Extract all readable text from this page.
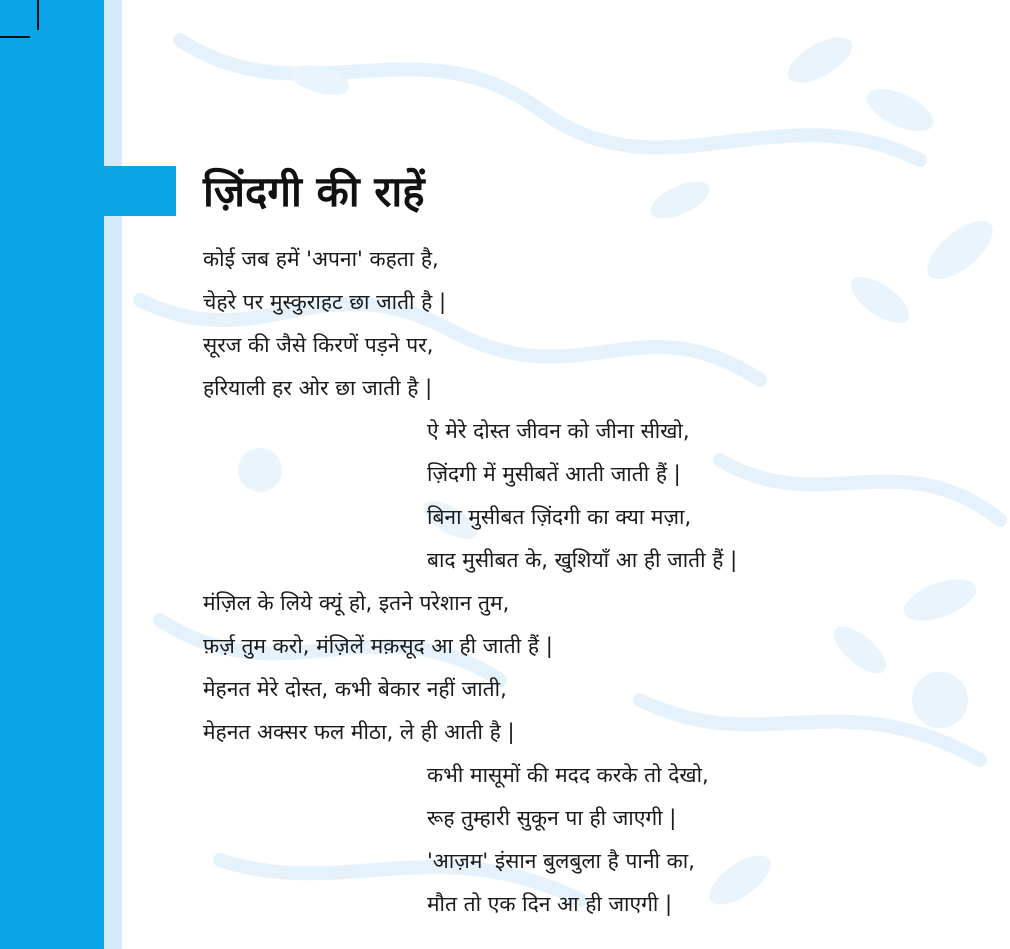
ज़िंदगी की राहें
कोई जब हमें 'अपना' कहता है,
चेहरे पर मुस्कुराहट छा जाती है |
सूरज की जैसे किरणें पड़ने पर,
हरियाली हर ओर छा जाती है |
ऐ मेरे दोस्त जीवन को जीना सीखो,
ज़िंदगी में मुसीबतें आती जाती हैं |
बिना मुसीबत ज़िंदगी का क्या मज़ा,
बाद मुसीबत के, खुशियाँ आ ही जाती हैं |
मंज़िल के लिये क्यूं हो, इतने परेशान तुम,
फ़र्ज़ तुम करो, मंज़िलें मक़सूद आ ही जाती हैं |
मेहनत मेरे दोस्त, कभी बेकार नहीं जाती,
मेहनत अक्सर फल मीठा, ले ही आती है |
कभी मासूमों की मदद करके तो देखो,
रूह तुम्हारी सुकून पा ही जाएगी |
'आज़म' इंसान बुलबुला है पानी का,
मौत तो एक दिन आ ही जाएगी |
